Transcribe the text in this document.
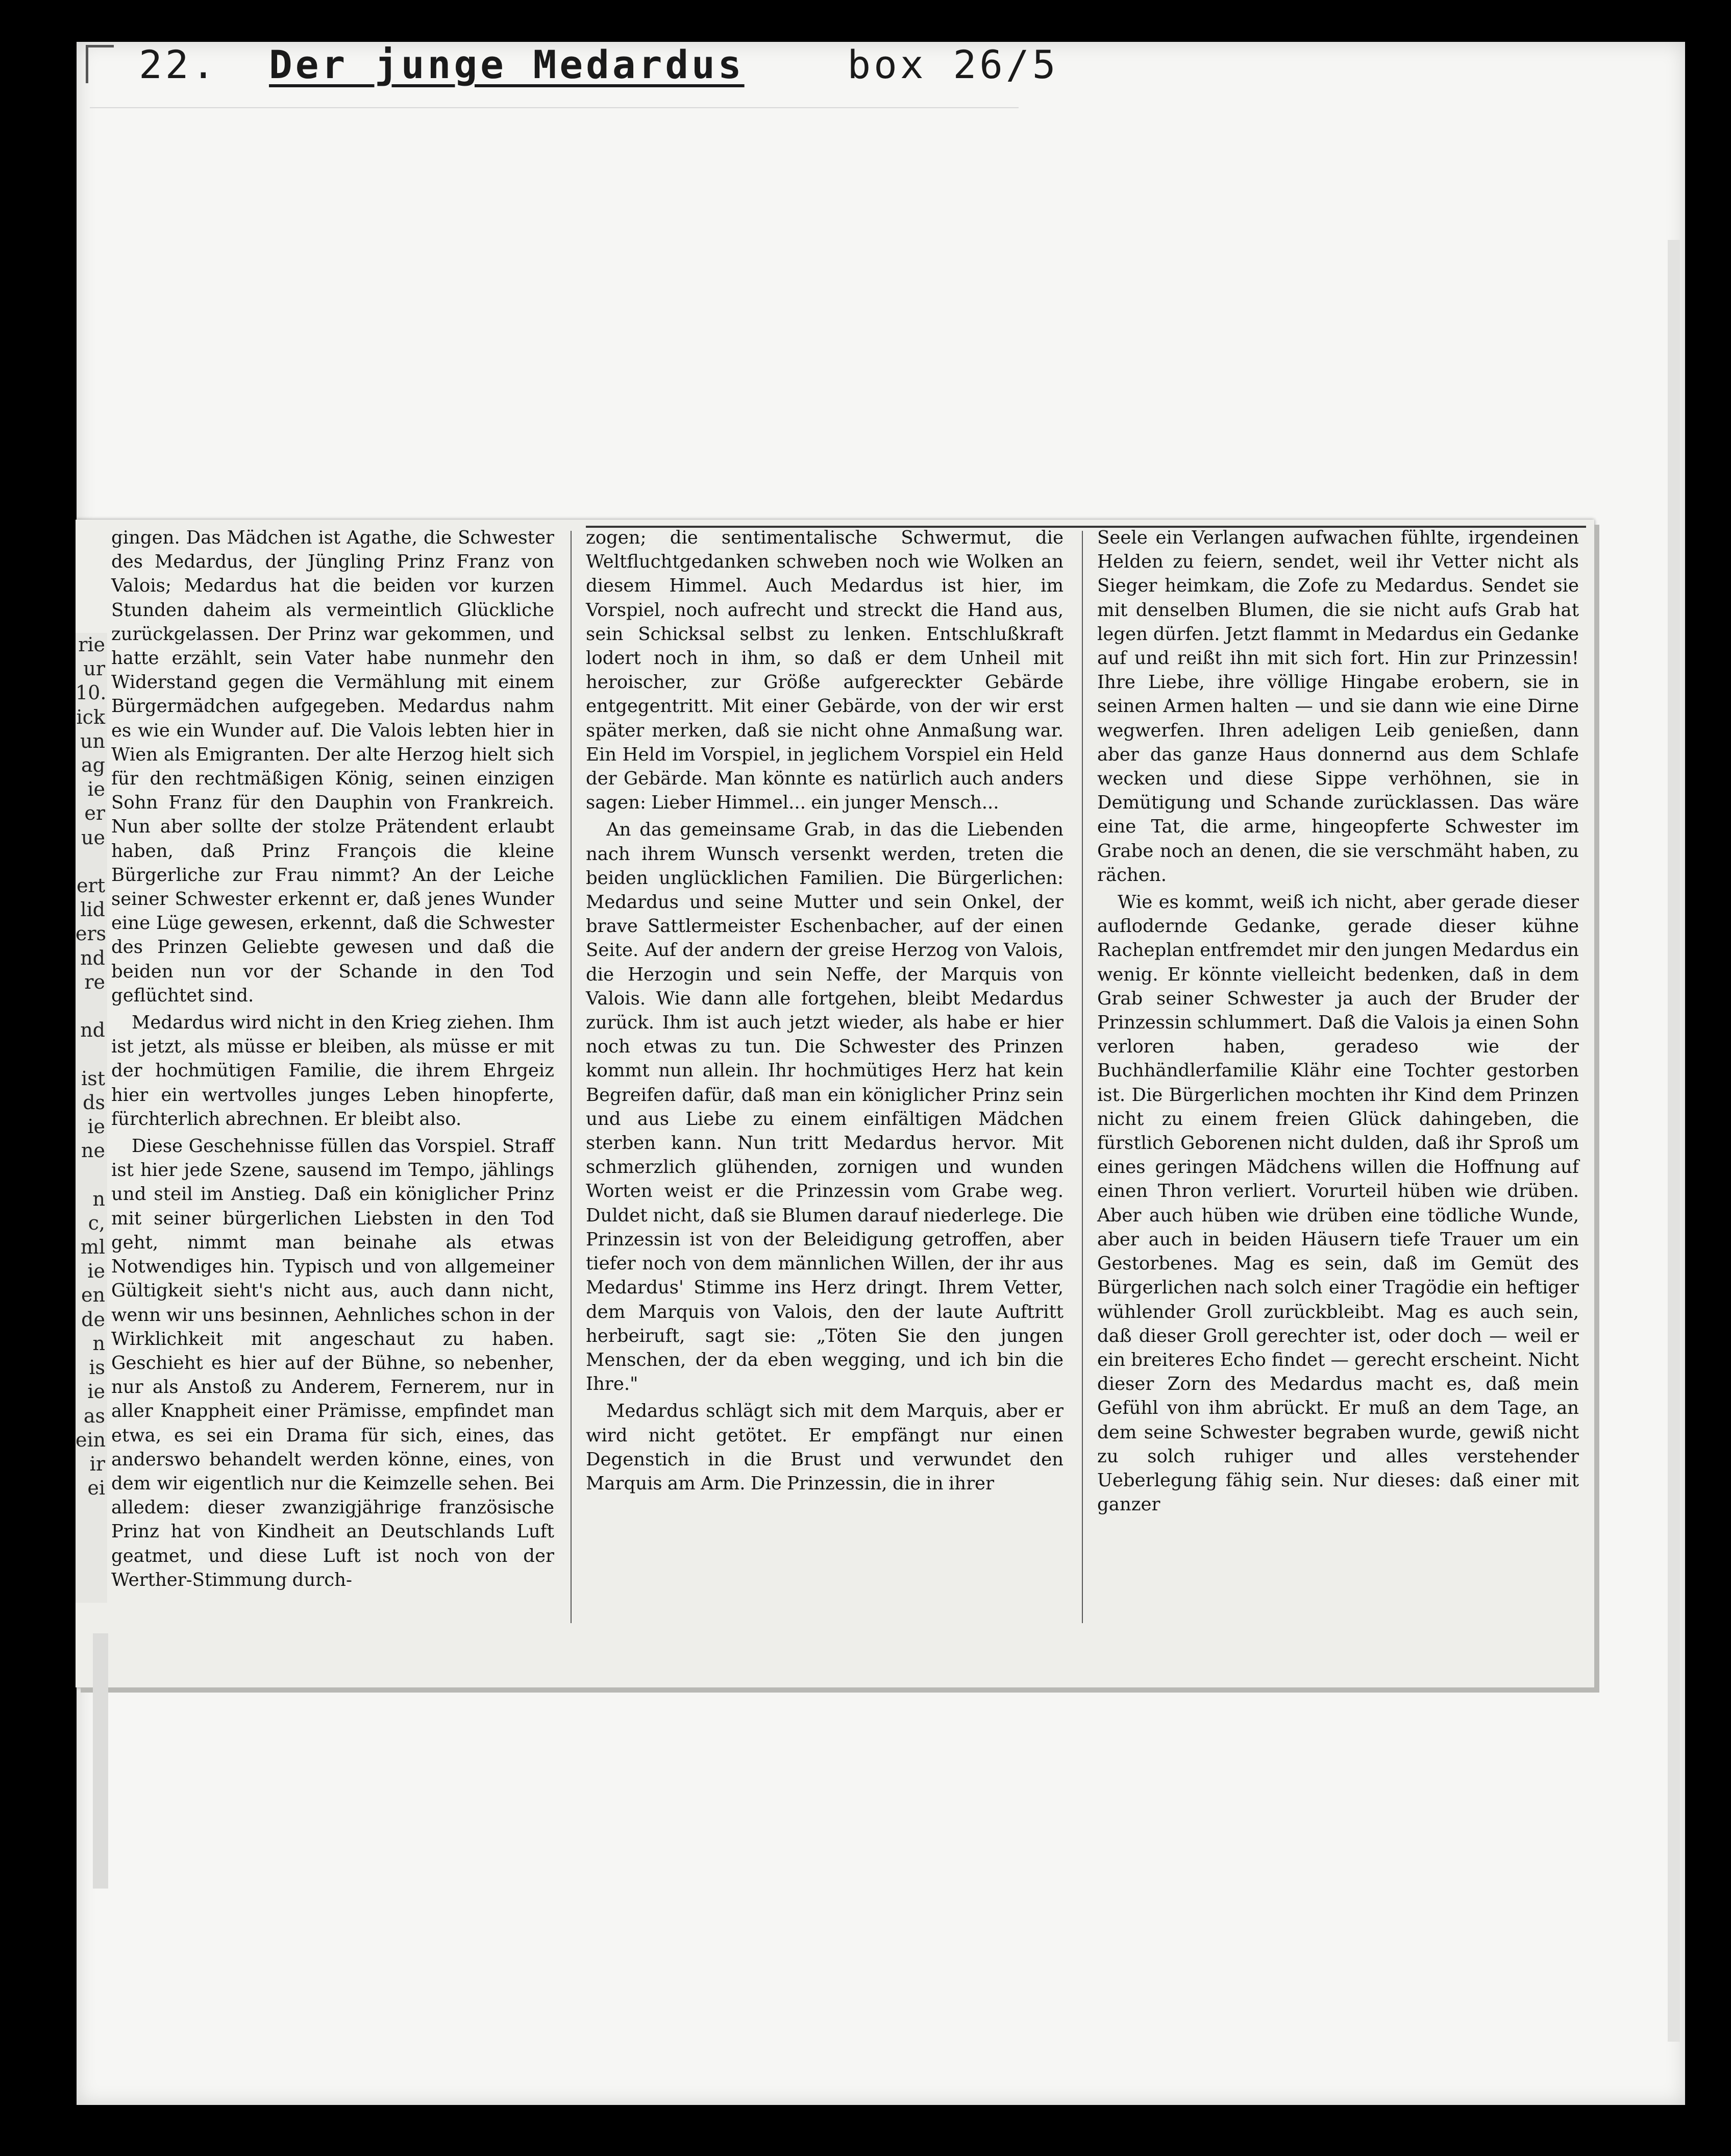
22. Der junge Medardus	box 26/5
rie
ur
10.
ick
un
ag
ie
er
ue

ert
lid
ers
nd
re

nd

ist
ds
ie
ne

n
c,
ml
ie
en
de
n
is
ie
as
ein
ir
ei

gingen. Das Mädchen ist Agathe, die Schwester des Medardus, der Jüngling Prinz Franz von Valois; Medardus hat die beiden vor kurzen Stunden daheim als vermeintlich Glückliche zurückgelassen. Der Prinz war gekommen, und hatte erzählt, sein Vater habe nunmehr den Widerstand gegen die Vermählung mit einem Bürgermädchen aufgegeben. Medardus nahm es wie ein Wunder auf. Die Valois lebten hier in Wien als Emigranten. Der alte Herzog hielt sich für den rechtmäßigen König, seinen einzigen Sohn Franz für den Dauphin von Frankreich. Nun aber sollte der stolze Prätendent erlaubt haben, daß Prinz François die kleine Bürgerliche zur Frau nimmt? An der Leiche seiner Schwester erkennt er, daß jenes Wunder eine Lüge gewesen, erkennt, daß die Schwester des Prinzen Geliebte gewesen und daß die beiden nun vor der Schande in den Tod geflüchtet sind.

Medardus wird nicht in den Krieg ziehen. Ihm ist jetzt, als müsse er bleiben, als müsse er mit der hochmütigen Familie, die ihrem Ehrgeiz hier ein wertvolles junges Leben hinopferte, fürchterlich abrechnen. Er bleibt also.

Diese Geschehnisse füllen das Vorspiel. Straff ist hier jede Szene, sausend im Tempo, jählings und steil im Anstieg. Daß ein königlicher Prinz mit seiner bürgerlichen Liebsten in den Tod geht, nimmt man beinahe als etwas Notwendiges hin. Typisch und von allgemeiner Gültigkeit sieht's nicht aus, auch dann nicht, wenn wir uns besinnen, Aehnliches schon in der Wirklichkeit mit angeschaut zu haben. Geschieht es hier auf der Bühne, so nebenher, nur als Anstoß zu Anderem, Fernerem, nur in aller Knappheit einer Prämisse, empfindet man etwa, es sei ein Drama für sich, eines, das anderswo behandelt werden könne, eines, von dem wir eigentlich nur die Keimzelle sehen. Bei alledem: dieser zwanzigjährige französische Prinz hat von Kindheit an Deutschlands Luft geatmet, und diese Luft ist noch von der Werther-Stimmung durch-

zogen; die sentimentalische Schwermut, die Weltfluchtgedanken schweben noch wie Wolken an diesem Himmel. Auch Medardus ist hier, im Vorspiel, noch aufrecht und streckt die Hand aus, sein Schicksal selbst zu lenken. Entschlußkraft lodert noch in ihm, so daß er dem Unheil mit heroischer, zur Größe aufgereckter Gebärde entgegentritt. Mit einer Gebärde, von der wir erst später merken, daß sie nicht ohne Anmaßung war. Ein Held im Vorspiel, in jeglichem Vorspiel ein Held der Gebärde. Man könnte es natürlich auch anders sagen: Lieber Himmel... ein junger Mensch...

An das gemeinsame Grab, in das die Liebenden nach ihrem Wunsch versenkt werden, treten die beiden unglücklichen Familien. Die Bürgerlichen: Medardus und seine Mutter und sein Onkel, der brave Sattlermeister Eschenbacher, auf der einen Seite. Auf der andern der greise Herzog von Valois, die Herzogin und sein Neffe, der Marquis von Valois. Wie dann alle fortgehen, bleibt Medardus zurück. Ihm ist auch jetzt wieder, als habe er hier noch etwas zu tun. Die Schwester des Prinzen kommt nun allein. Ihr hochmütiges Herz hat kein Begreifen dafür, daß man ein königlicher Prinz sein und aus Liebe zu einem einfältigen Mädchen sterben kann. Nun tritt Medardus hervor. Mit schmerzlich glühenden, zornigen und wunden Worten weist er die Prinzessin vom Grabe weg. Duldet nicht, daß sie Blumen darauf niederlege. Die Prinzessin ist von der Beleidigung getroffen, aber tiefer noch von dem männlichen Willen, der ihr aus Medardus' Stimme ins Herz dringt. Ihrem Vetter, dem Marquis von Valois, den der laute Auftritt herbeiruft, sagt sie: „Töten Sie den jungen Menschen, der da eben wegging, und ich bin die Ihre."

Medardus schlägt sich mit dem Marquis, aber er wird nicht getötet. Er empfängt nur einen Degenstich in die Brust und verwundet den Marquis am Arm. Die Prinzessin, die in ihrer

Seele ein Verlangen aufwachen fühlte, irgendeinen Helden zu feiern, sendet, weil ihr Vetter nicht als Sieger heimkam, die Zofe zu Medardus. Sendet sie mit denselben Blumen, die sie nicht aufs Grab hat legen dürfen. Jetzt flammt in Medardus ein Gedanke auf und reißt ihn mit sich fort. Hin zur Prinzessin! Ihre Liebe, ihre völlige Hingabe erobern, sie in seinen Armen halten — und sie dann wie eine Dirne wegwerfen. Ihren adeligen Leib genießen, dann aber das ganze Haus donnernd aus dem Schlafe wecken und diese Sippe verhöhnen, sie in Demütigung und Schande zurücklassen. Das wäre eine Tat, die arme, hingeopferte Schwester im Grabe noch an denen, die sie verschmäht haben, zu rächen.

Wie es kommt, weiß ich nicht, aber gerade dieser auflodernde Gedanke, gerade dieser kühne Racheplan entfremdet mir den jungen Medardus ein wenig. Er könnte vielleicht bedenken, daß in dem Grab seiner Schwester ja auch der Bruder der Prinzessin schlummert. Daß die Valois ja einen Sohn verloren haben, geradeso wie der Buchhändlerfamilie Klähr eine Tochter gestorben ist. Die Bürgerlichen mochten ihr Kind dem Prinzen nicht zu einem freien Glück dahingeben, die fürstlich Geborenen nicht dulden, daß ihr Sproß um eines geringen Mädchens willen die Hoffnung auf einen Thron verliert. Vorurteil hüben wie drüben. Aber auch hüben wie drüben eine tödliche Wunde, aber auch in beiden Häusern tiefe Trauer um ein Gestorbenes. Mag es sein, daß im Gemüt des Bürgerlichen nach solch einer Tragödie ein heftiger wühlender Groll zurückbleibt. Mag es auch sein, daß dieser Groll gerechter ist, oder doch — weil er ein breiteres Echo findet — gerecht erscheint. Nicht dieser Zorn des Medardus macht es, daß mein Gefühl von ihm abrückt. Er muß an dem Tage, an dem seine Schwester begraben wurde, gewiß nicht zu solch ruhiger und alles verstehender Ueberlegung fähig sein. Nur dieses: daß einer mit ganzer
